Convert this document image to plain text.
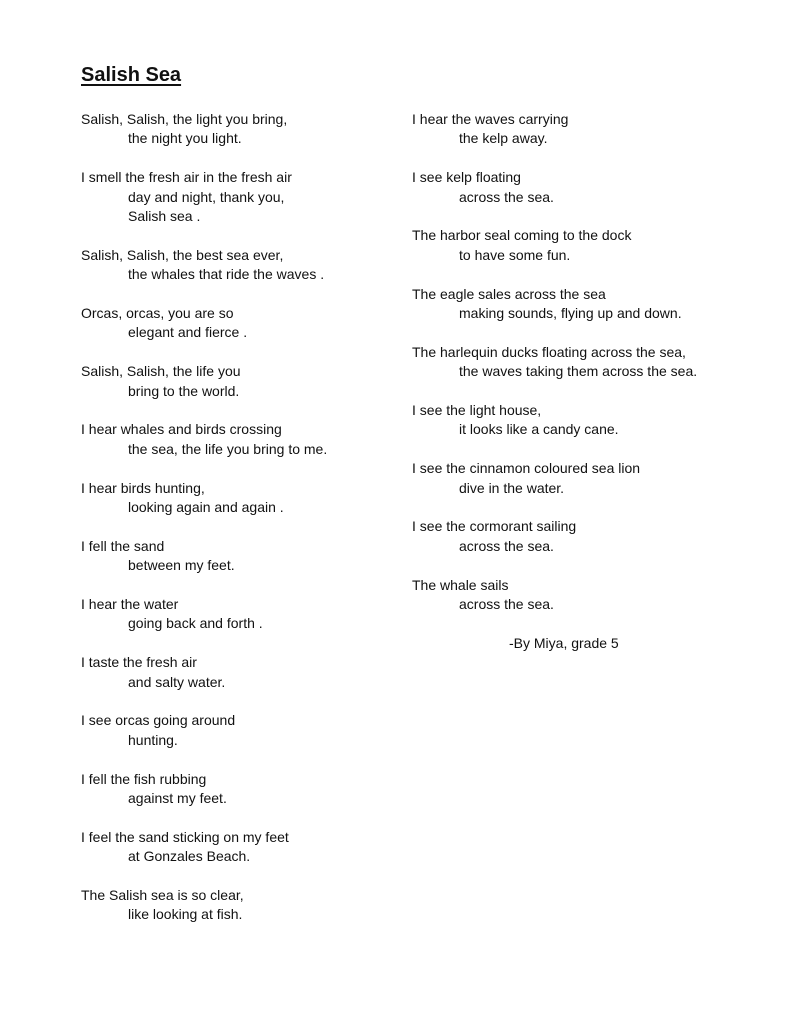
Salish Sea
Salish, Salish, the light you bring,
the night you light.
I smell the fresh air in the fresh air
day and night, thank you,
Salish sea .
Salish, Salish, the best sea ever,
the whales that ride the waves .
Orcas, orcas, you are so
elegant and fierce .
Salish, Salish, the life you
bring to the world.
I hear whales and birds crossing
the sea, the life you bring to me.
I hear birds hunting,
looking again and again .
I fell the sand
between my feet.
I hear the water
going back and forth .
I taste the fresh air
and salty water.
I see orcas going around
hunting.
I fell the fish rubbing
against my feet.
I feel the sand sticking on my feet
at Gonzales Beach.
The Salish sea is so clear,
like looking at fish.
I hear the waves carrying
the kelp away.
I see kelp floating
across the sea.
The harbor seal coming to the dock
to have some fun.
The eagle sales across the sea
making sounds, flying up and down.
The harlequin ducks floating across the sea,
the waves taking them across the sea.
I see the light house,
it looks like a candy cane.
I see the cinnamon coloured sea lion
dive in the water.
I see the cormorant sailing
across the sea.
The whale sails
across the sea.
-By Miya, grade 5
